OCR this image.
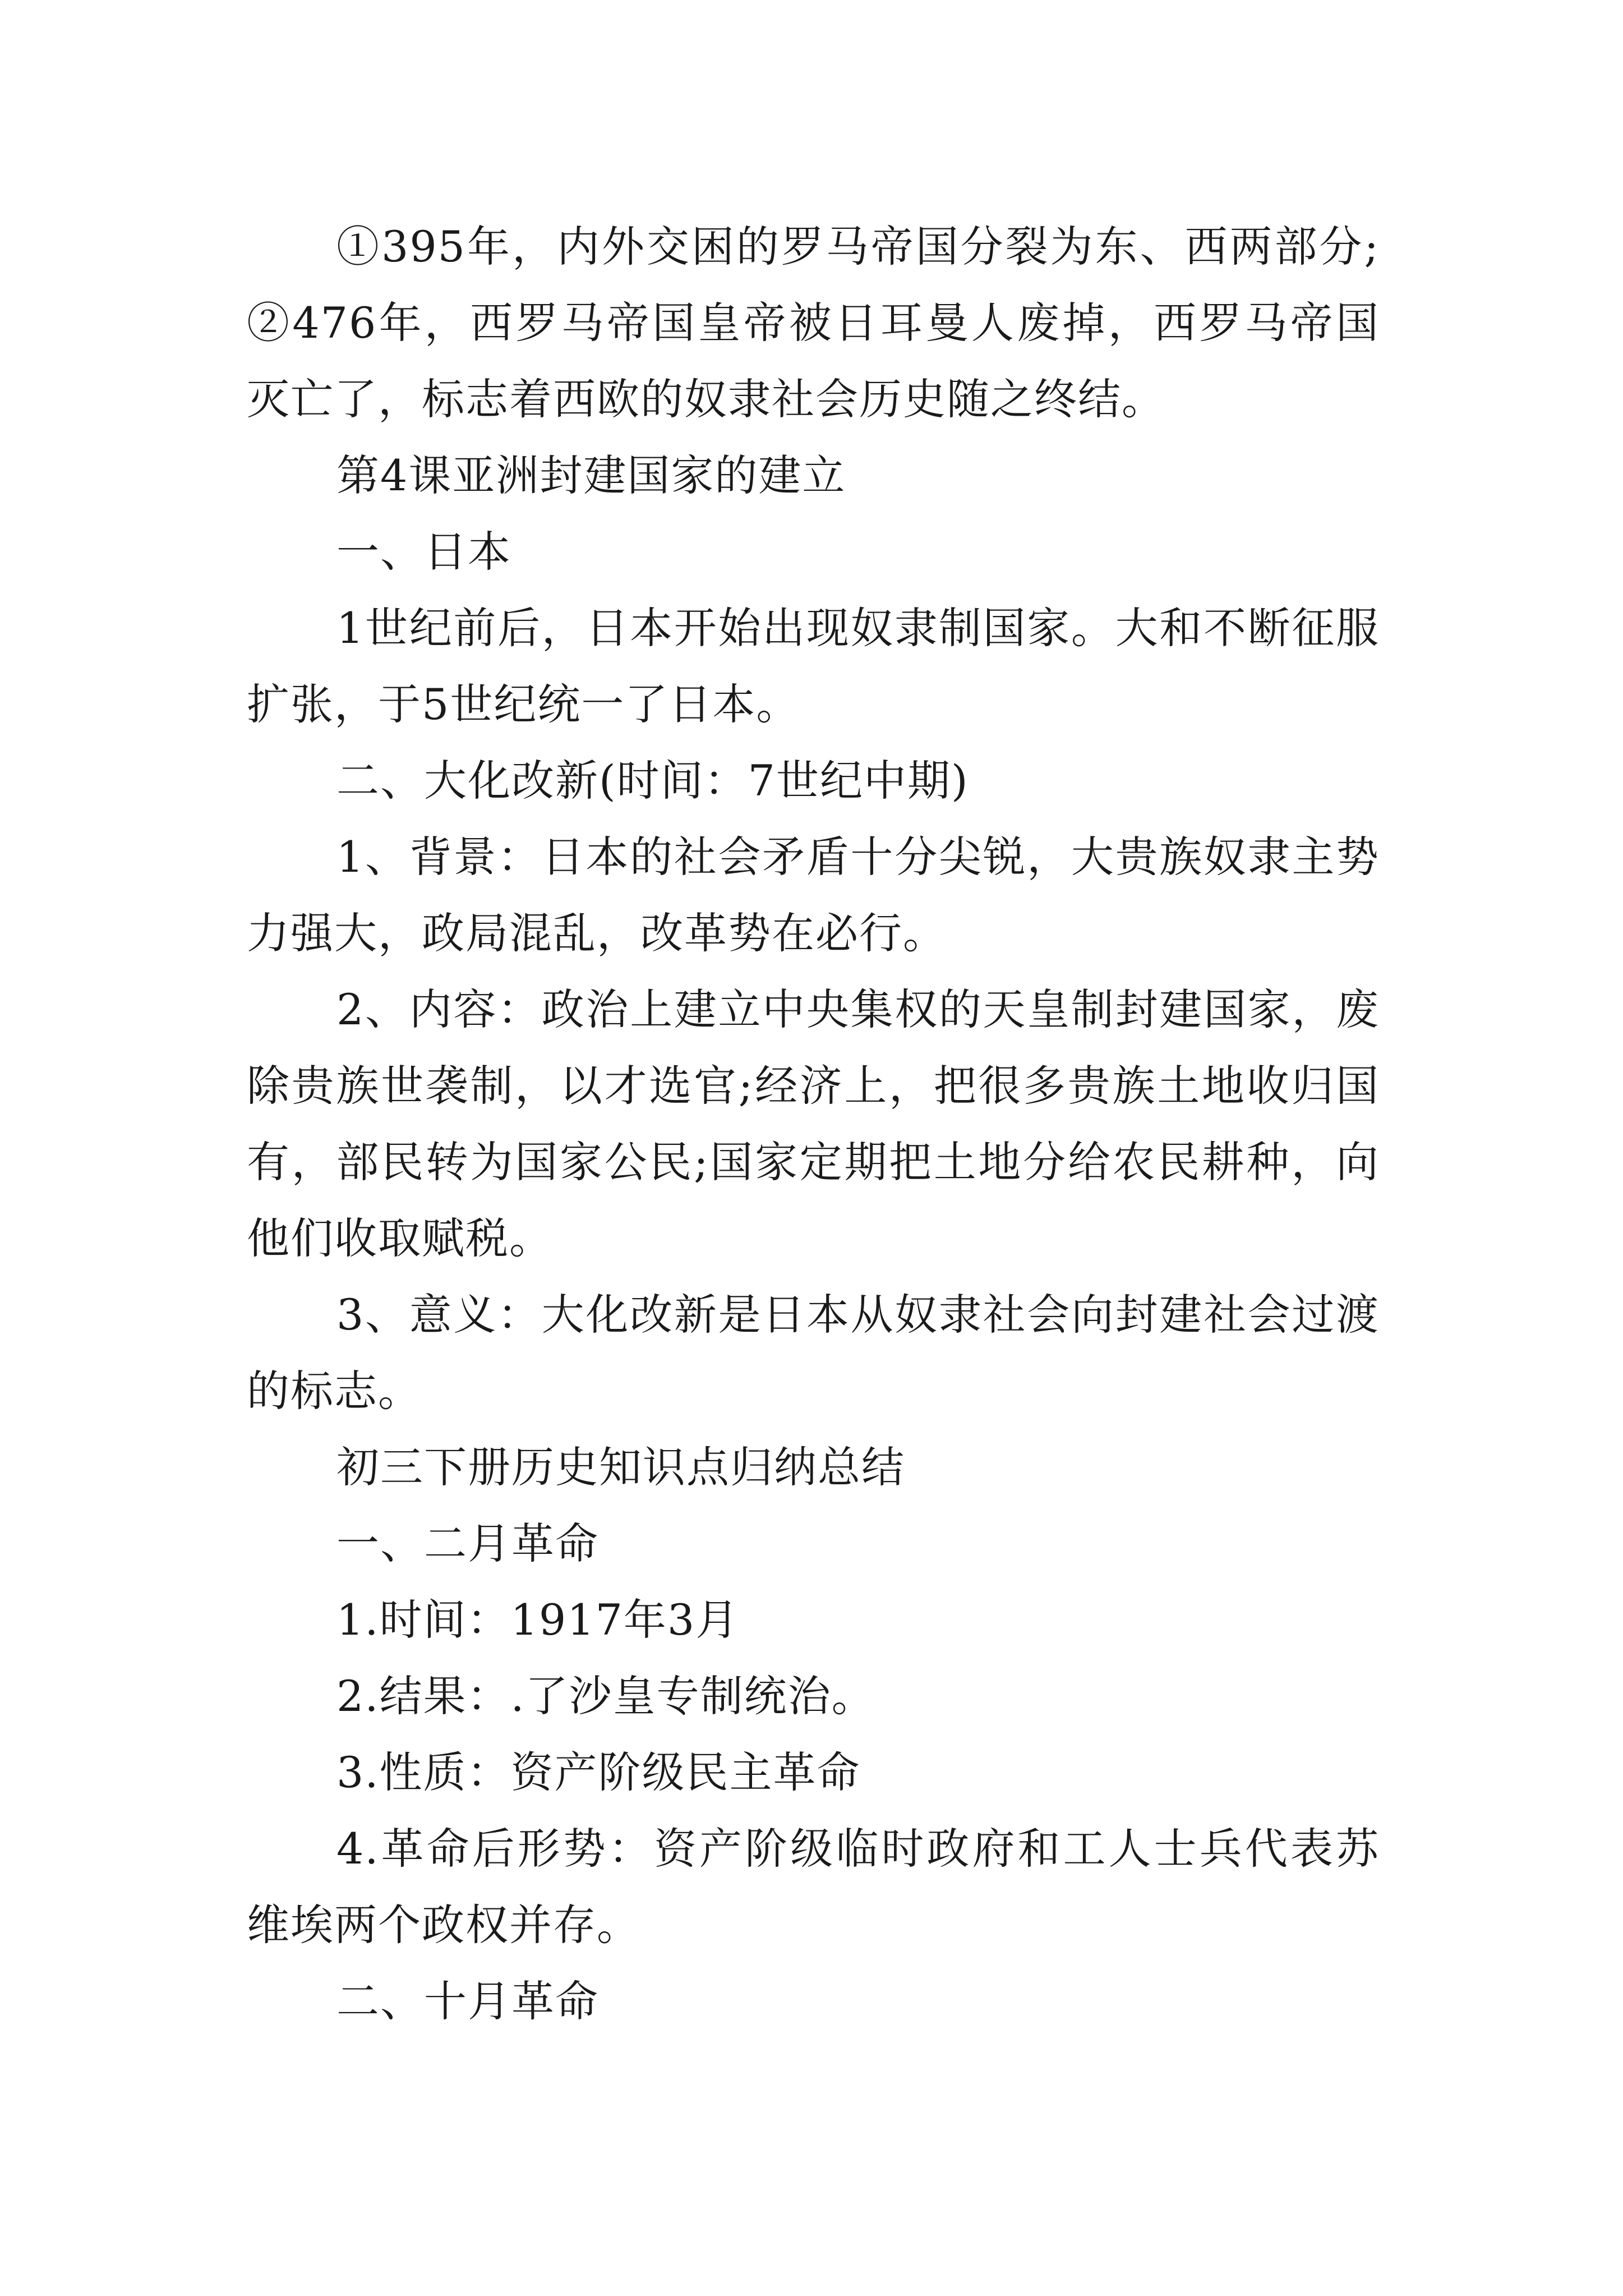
①395年，内外交困的罗马帝国分裂为东、西两部分;②476年，西罗马帝国皇帝被日耳曼人废掉，西罗马帝国灭亡了，标志着西欧的奴隶社会历史随之终结。

第4课亚洲封建国家的建立

一、日本

1世纪前后，日本开始出现奴隶制国家。大和不断征服扩张，于5世纪统一了日本。

二、大化改新(时间：7世纪中期)

1、背景：日本的社会矛盾十分尖锐，大贵族奴隶主势力强大，政局混乱，改革势在必行。

2、内容：政治上建立中央集权的天皇制封建国家，废除贵族世袭制，以才选官;经济上，把很多贵族土地收归国有，部民转为国家公民;国家定期把土地分给农民耕种，向他们收取赋税。

3、意义：大化改新是日本从奴隶社会向封建社会过渡的标志。

初三下册历史知识点归纳总结

一、二月革命

1.时间：1917年3月

2.结果：.了沙皇专制统治。

3.性质：资产阶级民主革命

4.革命后形势：资产阶级临时政府和工人士兵代表苏维埃两个政权并存。

二、十月革命
